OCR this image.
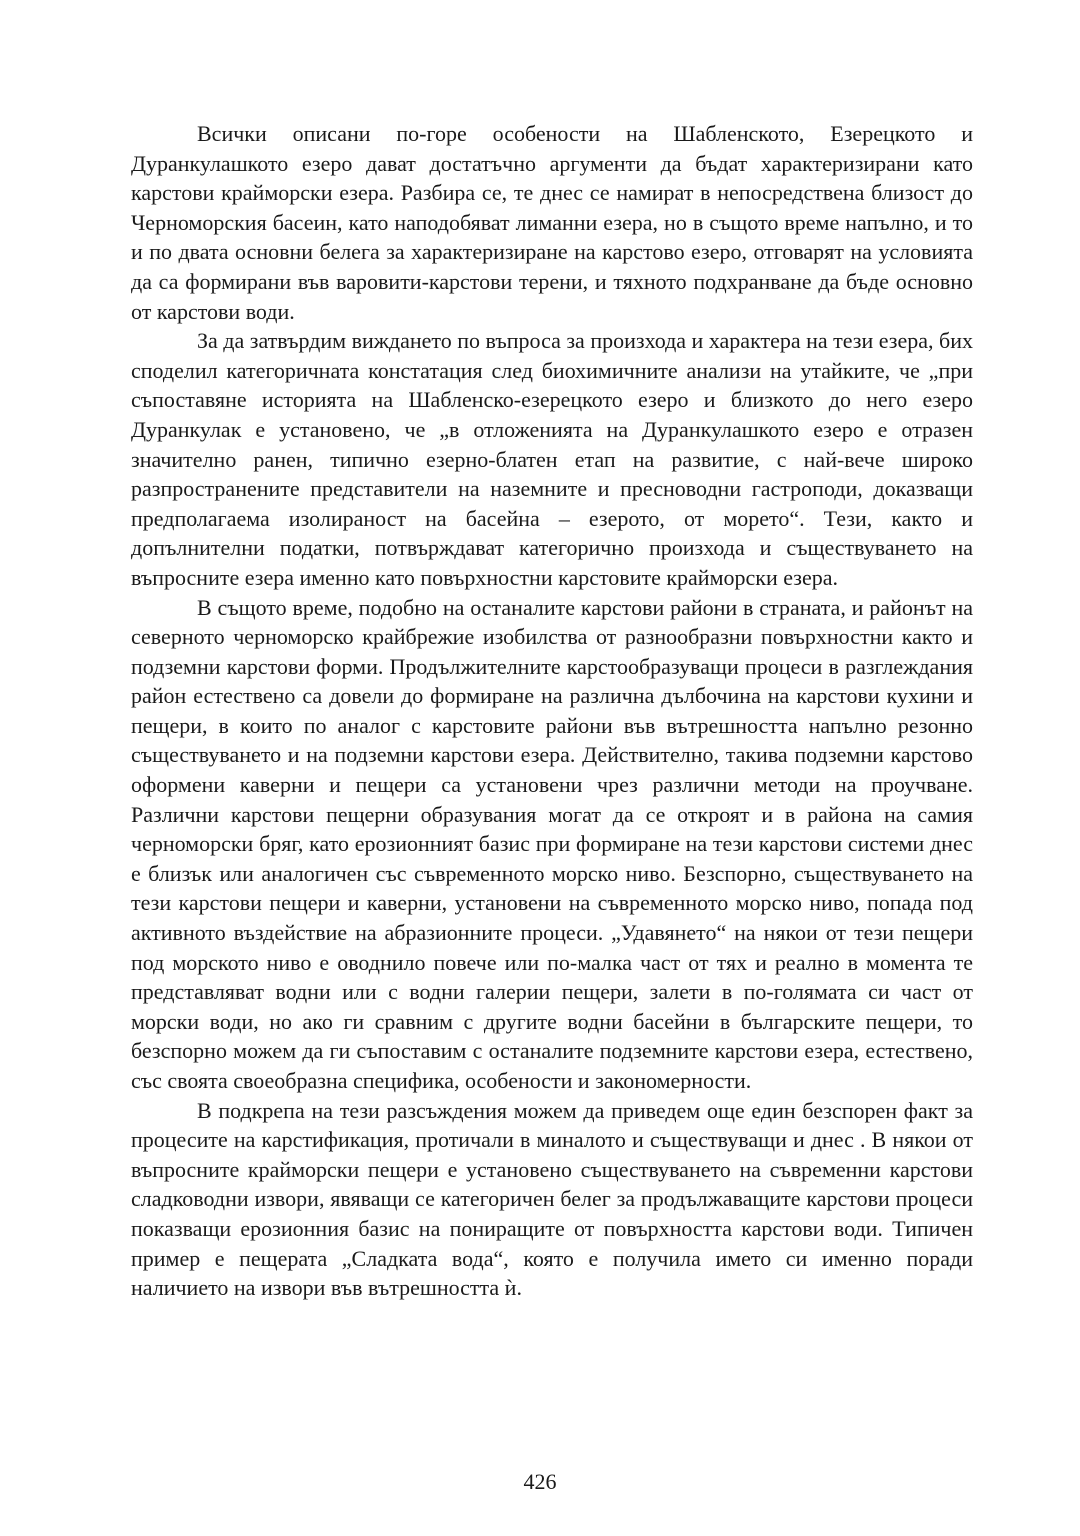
Всички описани по-горе особености на Шабленското, Езерецкото и Дуранкулашкото езеро дават достатъчно аргументи да бъдат характеризирани като карстови крайморски езера. Разбира се, те днес се намират в непосредствена близост до Черноморския басеин, като наподобяват лиманни езера, но в същото време напълно, и то и по двата основни белега за характеризиране на карстово езеро, отговарят на условията да са формирани във варовити-карстови терени, и тяхното подхранване да бъде основно от карстови води.

За да затвърдим виждането по въпроса за произхода и характера на тези езера, бих споделил категоричната констатация след биохимичните анализи на утайките, че „при съпоставяне историята на Шабленско-езерецкото езеро и близкото до него езеро Дуранкулак е установено, че „в отложенията на Дуранкулашкото езеро е отразен значително ранен, типично езерно-блатен етап на развитие, с най-вече широко разпространените представители на наземните и пресноводни гастроподи, доказващи предполагаема изолираност на басейна – езерото, от морето“. Тези, както и допълнителни податки, потвърждават категорично произхода и съществуването на въпросните езера именно като повърхностни карстовите крайморски езера.

В същото време, подобно на останалите карстови райони в страната, и районът на северното черноморско крайбрежие изобилства от разнообразни повърхностни както и подземни карстови форми. Продължителните карстообразуващи процеси в разглеждания район естествено са довели до формиране на различна дълбочина на карстови кухини и пещери, в които по аналог с карстовите райони във вътрешността напълно резонно съществуването и на подземни карстови езера. Действително, такива подземни карстово оформени каверни и пещери са установени чрез различни методи на проучване. Различни карстови пещерни образувания могат да се откроят и в района на самия черноморски бряг, като ерозионният базис при формиране на тези карстови системи днес е близък или аналогичен със съвременното морско ниво. Безспорно, съществуването на тези карстови пещери и каверни, установени на съвременното морско ниво, попада под активното въздействие на абразионните процеси. „Удавянето“ на някои от тези пещери под морското ниво е оводнило повече или по-малка част от тях и реално в момента те представляват водни или с водни галерии пещери, залети в по-голямата си част от морски води, но ако ги сравним с другите водни басейни в българските пещери, то безспорно можем да ги съпоставим с останалите подземните карстови езера, естествено, със своята своеобразна специфика, особености и закономерности.

В подкрепа на тези разсъждения можем да приведем още един безспорен факт за процесите на карстификация, протичали в миналото и съществуващи и днес . В някои от въпросните крайморски пещери е установено съществуването на съвременни карстови сладководни извори, явяващи се категоричен белег за продължаващите карстови процеси показващи ерозионния базис на пониращите от повърхността карстови води. Типичен пример е пещерата „Сладката вода“, която е получила името си именно поради наличието на извори във вътрешността ѝ.

426
